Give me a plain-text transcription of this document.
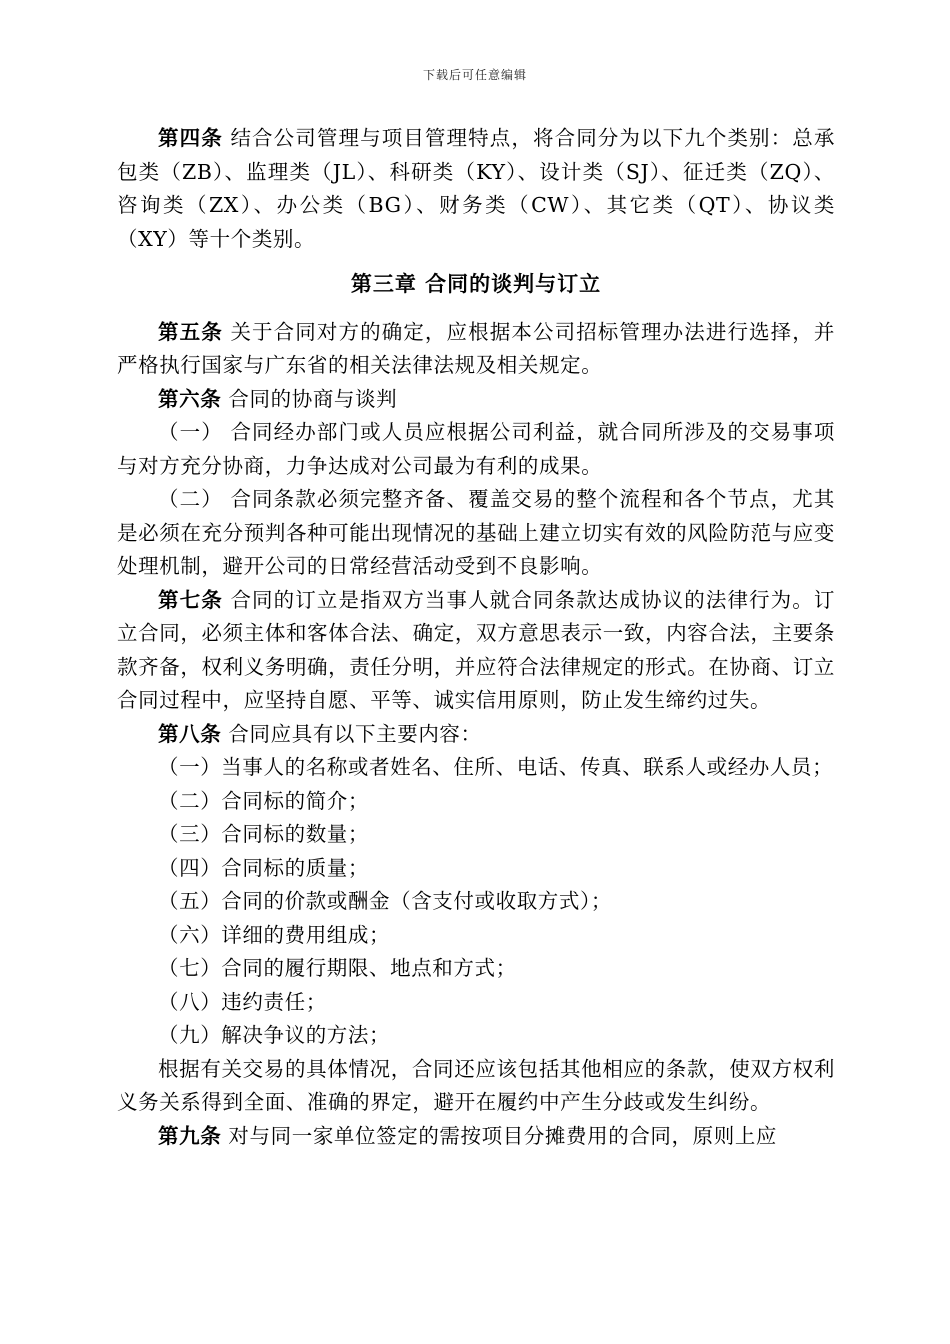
下载后可任意编辑

第四条 结合公司管理与项目管理特点，将合同分为以下九个类别：总承包类（ZB）、监理类（JL）、科研类（KY）、设计类（SJ）、征迁类（ZQ）、咨询类（ZX）、办公类（BG）、财务类（CW）、其它类（QT）、协议类（XY）等十个类别。

第三章 合同的谈判与订立

第五条 关于合同对方的确定，应根据本公司招标管理办法进行选择，并严格执行国家与广东省的相关法律法规及相关规定。

第六条 合同的协商与谈判

（一） 合同经办部门或人员应根据公司利益，就合同所涉及的交易事项与对方充分协商，力争达成对公司最为有利的成果。

（二） 合同条款必须完整齐备、覆盖交易的整个流程和各个节点，尤其是必须在充分预判各种可能出现情况的基础上建立切实有效的风险防范与应变处理机制，避开公司的日常经营活动受到不良影响。

第七条 合同的订立是指双方当事人就合同条款达成协议的法律行为。订立合同，必须主体和客体合法、确定，双方意思表示一致，内容合法，主要条款齐备，权利义务明确，责任分明，并应符合法律规定的形式。在协商、订立合同过程中，应坚持自愿、平等、诚实信用原则，防止发生缔约过失。

第八条 合同应具有以下主要内容：

（一）当事人的名称或者姓名、住所、电话、传真、联系人或经办人员；

（二）合同标的简介；

（三）合同标的数量；

（四）合同标的质量；

（五）合同的价款或酬金（含支付或收取方式）；

（六）详细的费用组成；

（七）合同的履行期限、地点和方式；

（八）违约责任；

（九）解决争议的方法；

根据有关交易的具体情况，合同还应该包括其他相应的条款，使双方权利义务关系得到全面、准确的界定，避开在履约中产生分歧或发生纠纷。

第九条 对与同一家单位签定的需按项目分摊费用的合同，原则上应
